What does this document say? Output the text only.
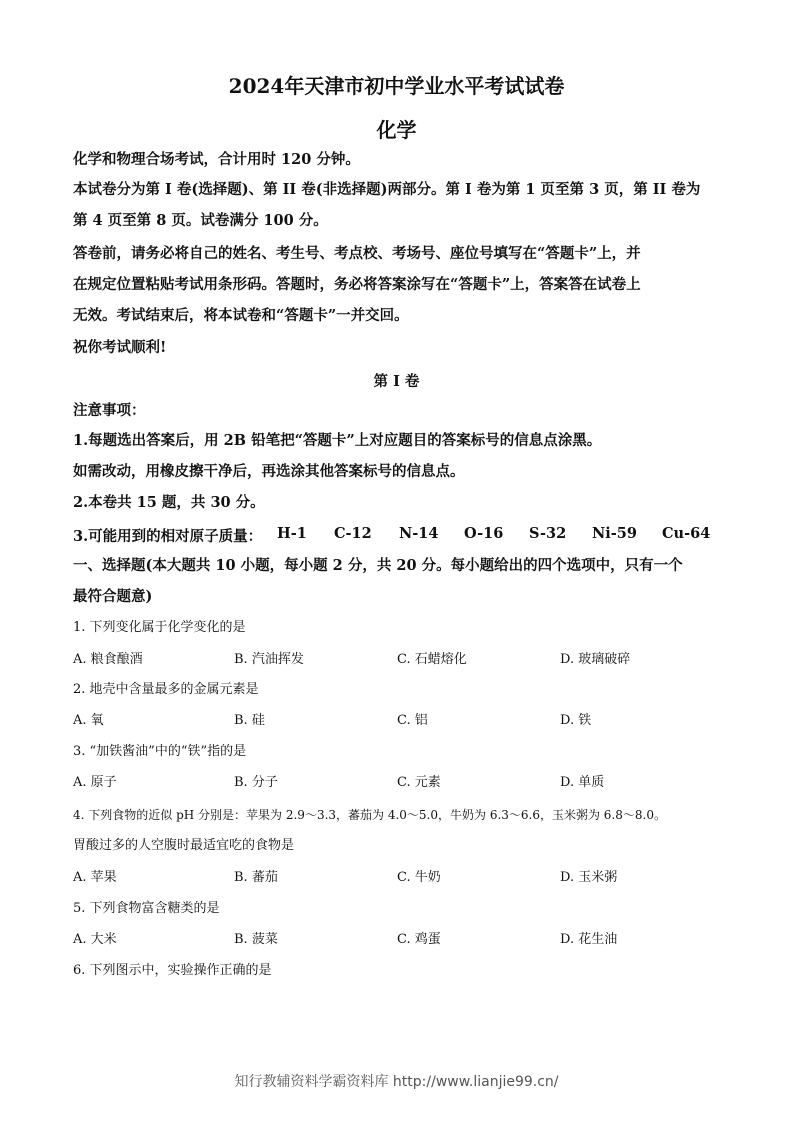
2024年天津市初中学业水平考试试卷
化学
化学和物理合场考试，合计用时 120 分钟。
本试卷分为第 I 卷(选择题)、第 II 卷(非选择题)两部分。第 I 卷为第 1 页至第 3 页，第 II 卷为
第 4 页至第 8 页。试卷满分 100 分。
答卷前，请务必将自己的姓名、考生号、考点校、考场号、座位号填写在“答题卡”上，并
在规定位置粘贴考试用条形码。答题时，务必将答案涂写在“答题卡”上，答案答在试卷上
无效。考试结束后，将本试卷和“答题卡”一并交回。
祝你考试顺利!
第 I 卷
注意事项：
1.每题选出答案后，用 2B 铅笔把“答题卡”上对应题目的答案标号的信息点涂黑。
如需改动，用橡皮擦干净后，再选涂其他答案标号的信息点。
2.本卷共 15 题，共 30 分。
3.可能用到的相对原子质量： H-1 C-12 N-14 O-16 S-32 Ni-59 Cu-64
一、选择题(本大题共 10 小题，每小题 2 分，共 20 分。每小题给出的四个选项中，只有一个
最符合题意)
1. 下列变化属于化学变化的是
A. 粮食酿酒	B. 汽油挥发	C. 石蜡熔化	D. 玻璃破碎
2. 地壳中含量最多的金属元素是
A. 氧	B. 硅	C. 铝	D. 铁
3. “加铁酱油”中的“铁”指的是
A. 原子	B. 分子	C. 元素	D. 单质
4. 下列食物的近似 pH 分别是：苹果为 2.9～3.3，蕃茄为 4.0～5.0，牛奶为 6.3～6.6，玉米粥为 6.8～8.0。
胃酸过多的人空腹时最适宜吃的食物是
A. 苹果	B. 蕃茄	C. 牛奶	D. 玉米粥
5. 下列食物富含糖类的是
A. 大米	B. 菠菜	C. 鸡蛋	D. 花生油
6. 下列图示中，实验操作正确的是
知行教辅资料学霸资料库 http://www.lianjie99.cn/
